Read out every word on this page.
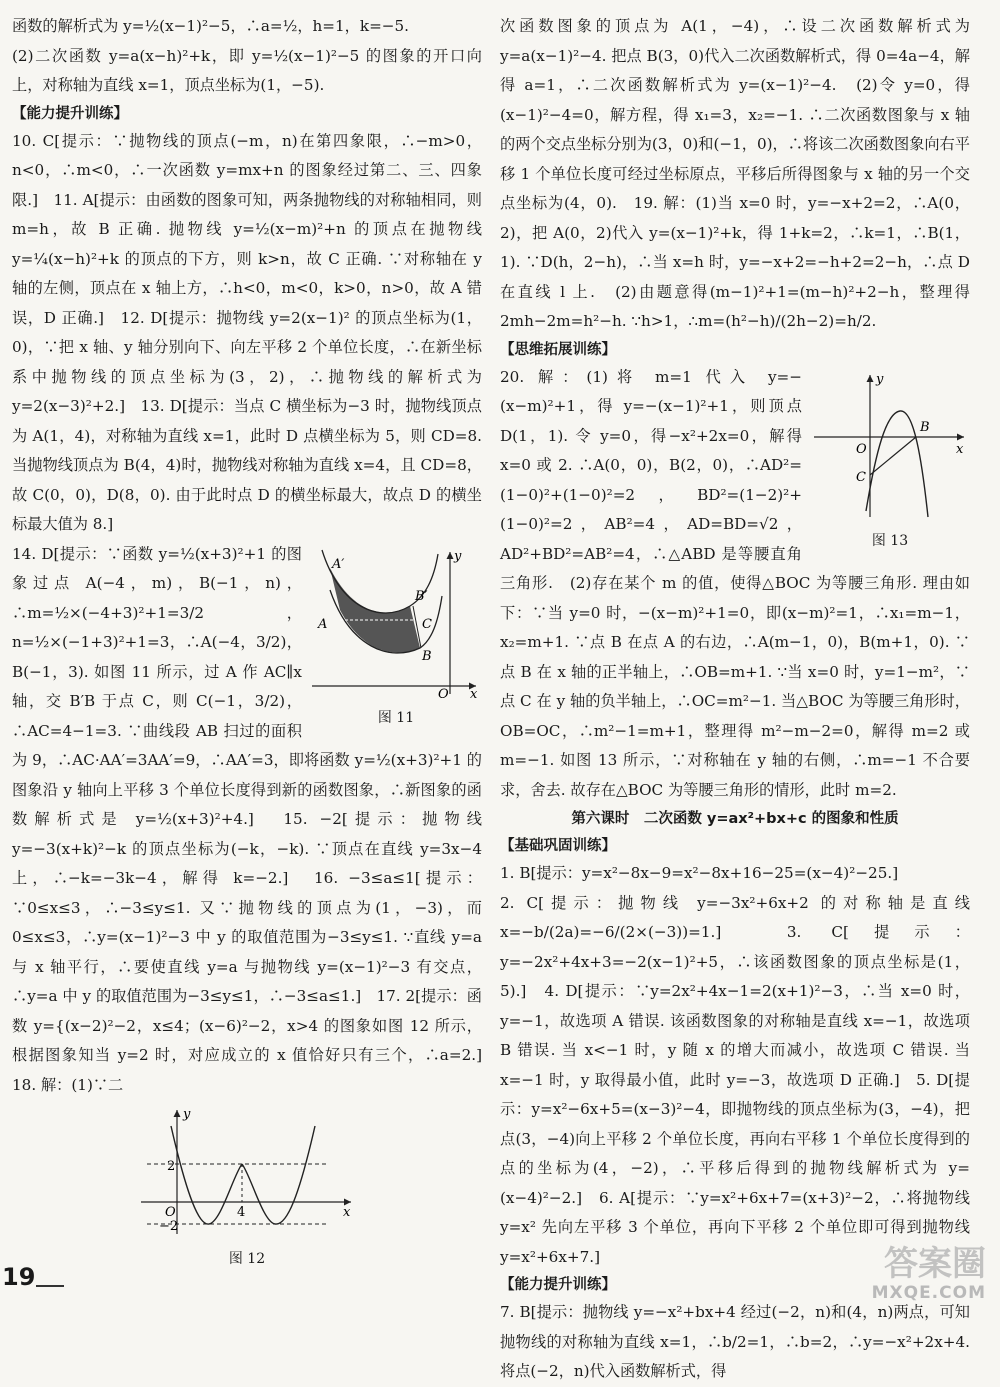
函数的解析式为 y=½(x−1)²−5，∴a=½，h=1，k=−5.

(2)二次函数 y=a(x−h)²+k，即 y=½(x−1)²−5 的图象的开口向上，对称轴为直线 x=1，顶点坐标为(1，−5).

【能力提升训练】

10. C[提示：∵抛物线的顶点(−m，n)在第四象限，∴−m>0，n<0，∴m<0，∴一次函数 y=mx+n 的图象经过第二、三、四象限.]　11. A[提示：由函数的图象可知，两条抛物线的对称轴相同，则 m=h，故 B 正确. 抛物线 y=½(x−m)²+n 的顶点在抛物线 y=¼(x−h)²+k 的顶点的下方，则 k>n，故 C 正确. ∵对称轴在 y 轴的左侧，顶点在 x 轴上方，∴h<0，m<0，k>0，n>0，故 A 错误，D 正确.]　12. D[提示：抛物线 y=2(x−1)² 的顶点坐标为(1，0)，∵把 x 轴、y 轴分别向下、向左平移 2 个单位长度，∴在新坐标系中抛物线的顶点坐标为(3，2)，∴抛物线的解析式为 y=2(x−3)²+2.]　13. D[提示：当点 C 横坐标为−3 时，抛物线顶点为 A(1，4)，对称轴为直线 x=1，此时 D 点横坐标为 5，则 CD=8. 当抛物线顶点为 B(4，4)时，抛物线对称轴为直线 x=4，且 CD=8，故 C(0，0)，D(8，0). 由于此时点 D 的横坐标最大，故点 D 的横坐标最大值为 8.]

A′
B′
A	C
B
O x
y
图 11

14. D[提示：∵函数 y=½(x+3)²+1 的图象过点 A(−4，m)，B(−1，n)，∴m=½×(−4+3)²+1=3/2，n=½×(−1+3)²+1=3，∴A(−4，3/2)，B(−1，3). 如图 11 所示，过 A 作 AC∥x 轴，交 B′B 于点 C，则 C(−1，3/2)，∴AC=4−1=3. ∵曲线段 AB 扫过的面积为 9，∴AC·AA′=3AA′=9，∴AA′=3，即将函数 y=½(x+3)²+1 的图象沿 y 轴向上平移 3 个单位长度得到新的函数图象，∴新图象的函数解析式是 y=½(x+3)²+4.]　15. −2[提示：抛物线 y=−3(x+k)²−k 的顶点坐标为(−k，−k). ∵顶点在直线 y=3x−4 上，∴−k=−3k−4，解得 k=−2.]　16. −3≤a≤1[提示：∵0≤x≤3，∴−3≤y≤1. 又∵抛物线的顶点为(1，−3)，而 0≤x≤3，∴y=(x−1)²−3 中 y 的取值范围为−3≤y≤1. ∵直线 y=a 与 x 轴平行，∴要使直线 y=a 与抛物线 y=(x−1)²−3 有交点，∴y=a 中 y 的取值范围为−3≤y≤1，∴−3≤a≤1.]　17. 2[提示：函数 y={(x−2)²−2，x≤4；(x−6)²−2，x>4 的图象如图 12 所示，根据图象知当 y=2 时，对应成立的 x 值恰好只有三个，∴a=2.]　18. 解：(1)∵二

y
x
O
2
4
−2
图 12

次函数图象的顶点为 A(1，−4)，∴设二次函数解析式为 y=a(x−1)²−4. 把点 B(3，0)代入二次函数解析式，得 0=4a−4，解得 a=1，∴二次函数解析式为 y=(x−1)²−4.　(2)令 y=0，得(x−1)²−4=0，解方程，得 x₁=3，x₂=−1. ∴二次函数图象与 x 轴的两个交点坐标分别为(3，0)和(−1，0)，∴将该二次函数图象向右平移 1 个单位长度可经过坐标原点，平移后所得图象与 x 轴的另一个交点坐标为(4，0).　19. 解：(1)当 x=0 时，y=−x+2=2，∴A(0，2)，把 A(0，2)代入 y=(x−1)²+k，得 1+k=2，∴k=1，∴B(1，1). ∵D(h，2−h)，∴当 x=h 时，y=−x+2=−h+2=2−h，∴点 D 在直线 l 上.　(2)由题意得(m−1)²+1=(m−h)²+2−h，整理得 2mh−2m=h²−h. ∵h>1，∴m=(h²−h)/(2h−2)=h/2.

【思维拓展训练】

y
x
O
B
C
图 13

20. 解：(1)将 m=1 代入 y=−(x−m)²+1，得 y=−(x−1)²+1，则顶点 D(1，1). 令 y=0，得−x²+2x=0，解得 x=0 或 2. ∴A(0，0)，B(2，0)，∴AD²=(1−0)²+(1−0)²=2，BD²=(1−2)²+(1−0)²=2，AB²=4，AD=BD=√2，AD²+BD²=AB²=4，∴△ABD 是等腰直角三角形.　(2)存在某个 m 的值，使得△BOC 为等腰三角形. 理由如下：∵当 y=0 时，−(x−m)²+1=0，即(x−m)²=1，∴x₁=m−1，x₂=m+1. ∵点 B 在点 A 的右边，∴A(m−1，0)，B(m+1，0). ∵点 B 在 x 轴的正半轴上，∴OB=m+1. ∵当 x=0 时，y=1−m²，∵点 C 在 y 轴的负半轴上，∴OC=m²−1. 当△BOC 为等腰三角形时，OB=OC，∴m²−1=m+1，整理得 m²−m−2=0，解得 m=2 或 m=−1. 如图 13 所示，∵对称轴在 y 轴的右侧，∴m=−1 不合要求，舍去. 故存在△BOC 为等腰三角形的情形，此时 m=2.

第六课时　二次函数 y=ax²+bx+c 的图象和性质

【基础巩固训练】

1. B[提示：y=x²−8x−9=x²−8x+16−25=(x−4)²−25.]

2. C[提示：抛物线 y=−3x²+6x+2 的对称轴是直线 x=−b/(2a)=−6/(2×(−3))=1.]　3. C[提示：y=−2x²+4x+3=−2(x−1)²+5，∴该函数图象的顶点坐标是(1，5).]　4. D[提示：∵y=2x²+4x−1=2(x+1)²−3，∴当 x=0 时，y=−1，故选项 A 错误. 该函数图象的对称轴是直线 x=−1，故选项 B 错误. 当 x<−1 时，y 随 x 的增大而减小，故选项 C 错误. 当 x=−1 时，y 取得最小值，此时 y=−3，故选项 D 正确.]　5. D[提示：y=x²−6x+5=(x−3)²−4，即抛物线的顶点坐标为(3，−4)，把点(3，−4)向上平移 2 个单位长度，再向右平移 1 个单位长度得到的点的坐标为(4，−2)，∴平移后得到的抛物线解析式为 y=(x−4)²−2.]　6. A[提示：∵y=x²+6x+7=(x+3)²−2，∴将抛物线 y=x² 先向左平移 3 个单位，再向下平移 2 个单位即可得到抛物线 y=x²+6x+7.]

【能力提升训练】

7. B[提示：抛物线 y=−x²+bx+4 经过(−2，n)和(4，n)两点，可知抛物线的对称轴为直线 x=1，∴b/2=1，∴b=2，∴y=−x²+2x+4. 将点(−2，n)代入函数解析式，得

19	答案圈
MXQE.COM
